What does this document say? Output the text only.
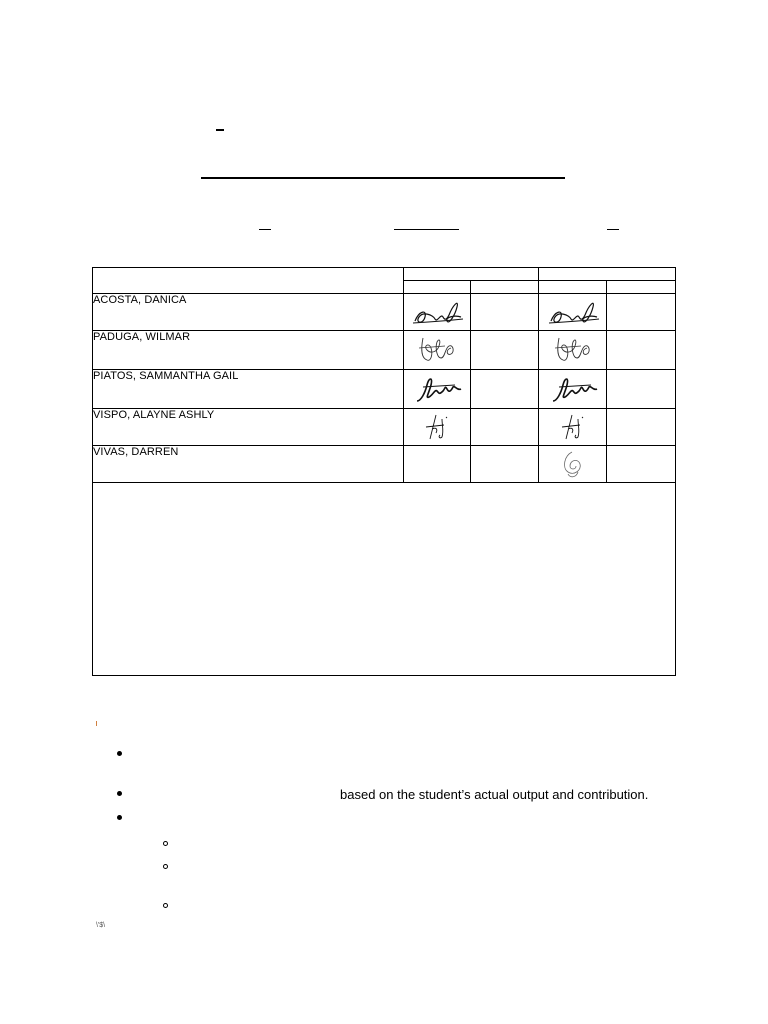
ACOSTA, DANICA	

PADUGA, WILMAR	

PIATOS, SAMMANTHA GAIL	

VISPO, ALAYNE ASHLY	

VIVAS, DARREN			

based on the student’s actual output and contribution.
\'$\
